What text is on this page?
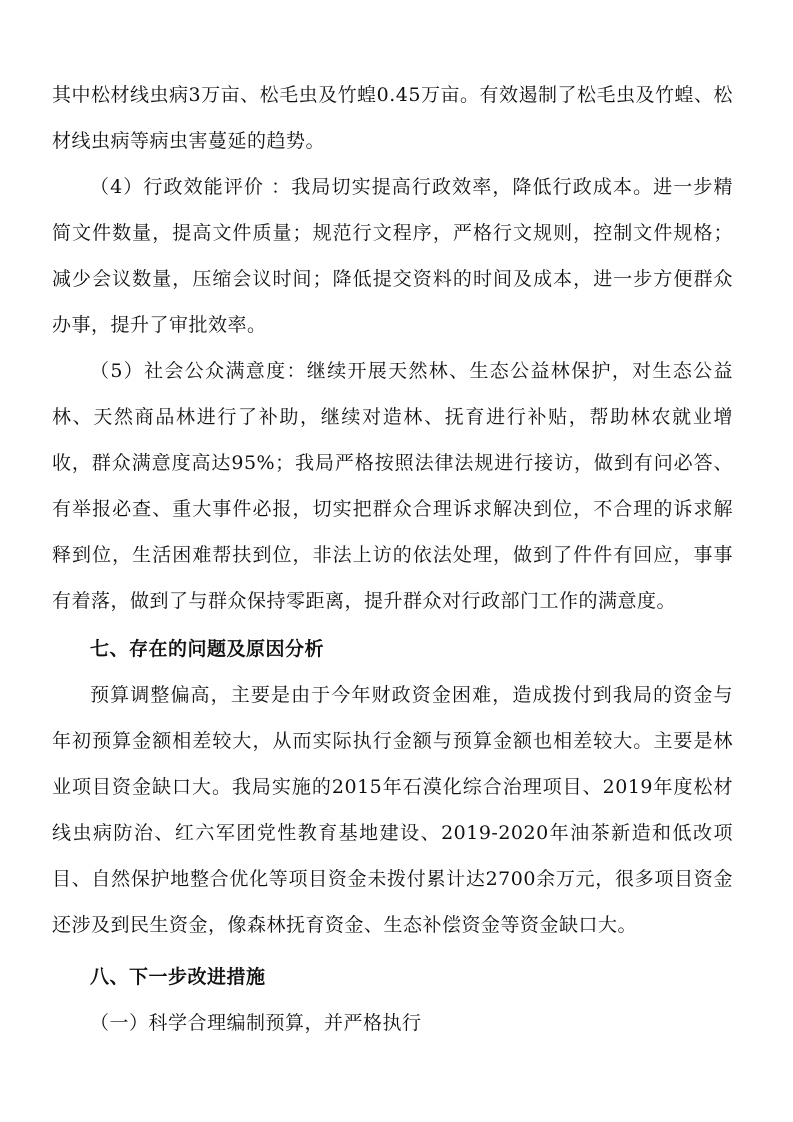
其中松材线虫病3万亩、松毛虫及竹蝗0.45万亩。有效遏制了松毛虫及竹蝗、松材线虫病等病虫害蔓延的趋势。

（4）行政效能评价 ：我局切实提高行政效率，降低行政成本。进一步精简文件数量，提高文件质量；规范行文程序，严格行文规则，控制文件规格；减少会议数量，压缩会议时间；降低提交资料的时间及成本，进一步方便群众办事，提升了审批效率。

（5）社会公众满意度：继续开展天然林、生态公益林保护，对生态公益林、天然商品林进行了补助，继续对造林、抚育进行补贴，帮助林农就业增收，群众满意度高达95%；我局严格按照法律法规进行接访，做到有问必答、有举报必查、重大事件必报，切实把群众合理诉求解决到位，不合理的诉求解释到位，生活困难帮扶到位，非法上访的依法处理，做到了件件有回应，事事有着落，做到了与群众保持零距离，提升群众对行政部门工作的满意度。

七、存在的问题及原因分析

预算调整偏高，主要是由于今年财政资金困难，造成拨付到我局的资金与年初预算金额相差较大，从而实际执行金额与预算金额也相差较大。主要是林业项目资金缺口大。我局实施的2015年石漠化综合治理项目、2019年度松材线虫病防治、红六军团党性教育基地建设、2019-2020年油茶新造和低改项目、自然保护地整合优化等项目资金未拨付累计达2700余万元，很多项目资金还涉及到民生资金，像森林抚育资金、生态补偿资金等资金缺口大。

八、下一步改进措施

（一）科学合理编制预算，并严格执行
